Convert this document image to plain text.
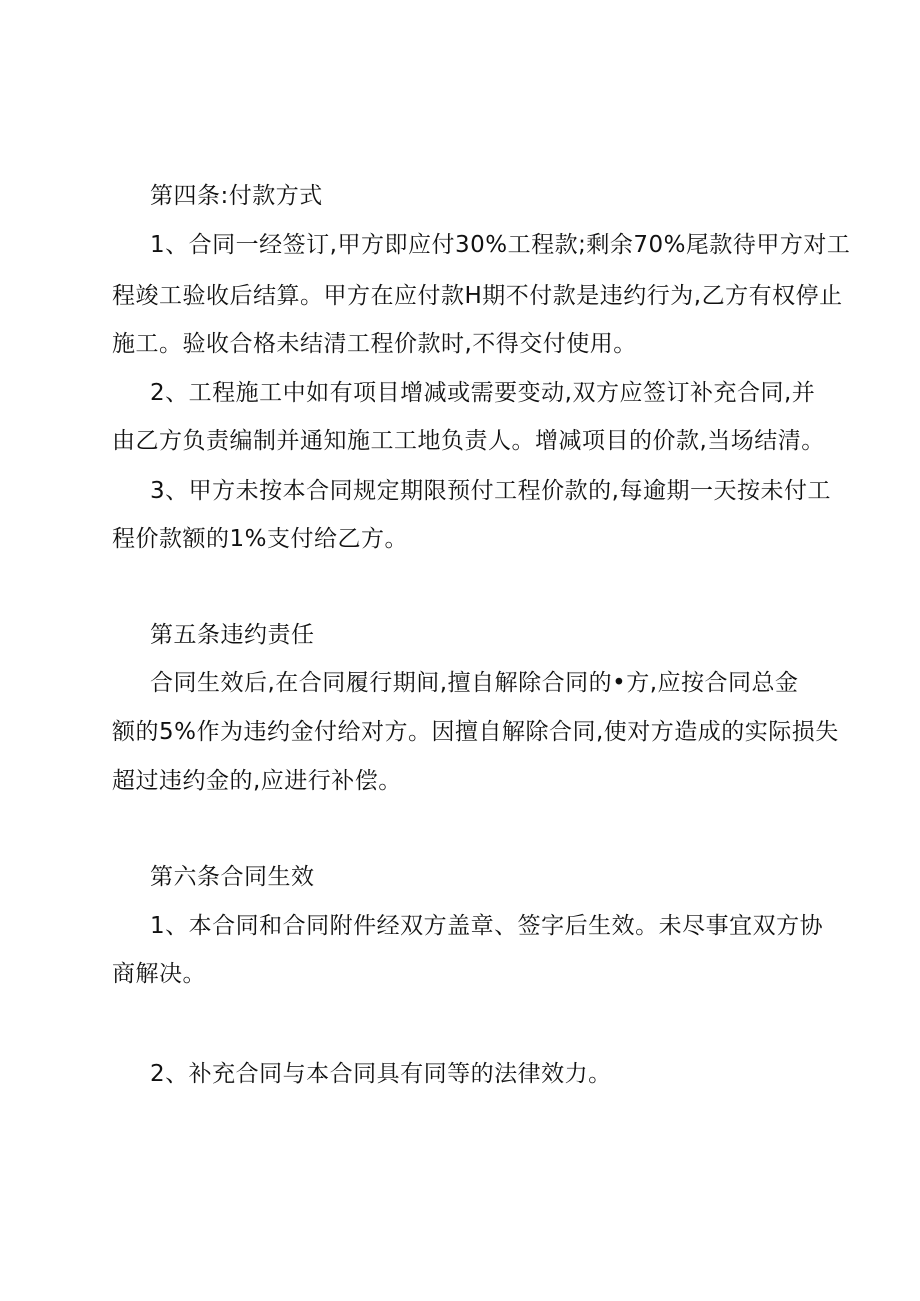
第四条:付款方式
1、合同一经签订,甲方即应付30%工程款;剩余70%尾款待甲方对工
程竣工验收后结算。甲方在应付款H期不付款是违约行为,乙方有权停止
施工。验收合格未结清工程价款时,不得交付使用。
2、工程施工中如有项目增减或需要变动,双方应签订补充合同,并
由乙方负责编制并通知施工工地负责人。增减项目的价款,当场结清。
3、甲方未按本合同规定期限预付工程价款的,每逾期一天按未付工
程价款额的1%支付给乙方。
第五条违约责任
合同生效后,在合同履行期间,擅自解除合同的•方,应按合同总金
额的5%作为违约金付给对方。因擅自解除合同,使对方造成的实际损失
超过违约金的,应进行补偿。
第六条合同生效
1、本合同和合同附件经双方盖章、签字后生效。未尽事宜双方协
商解决。
2、补充合同与本合同具有同等的法律效力。
